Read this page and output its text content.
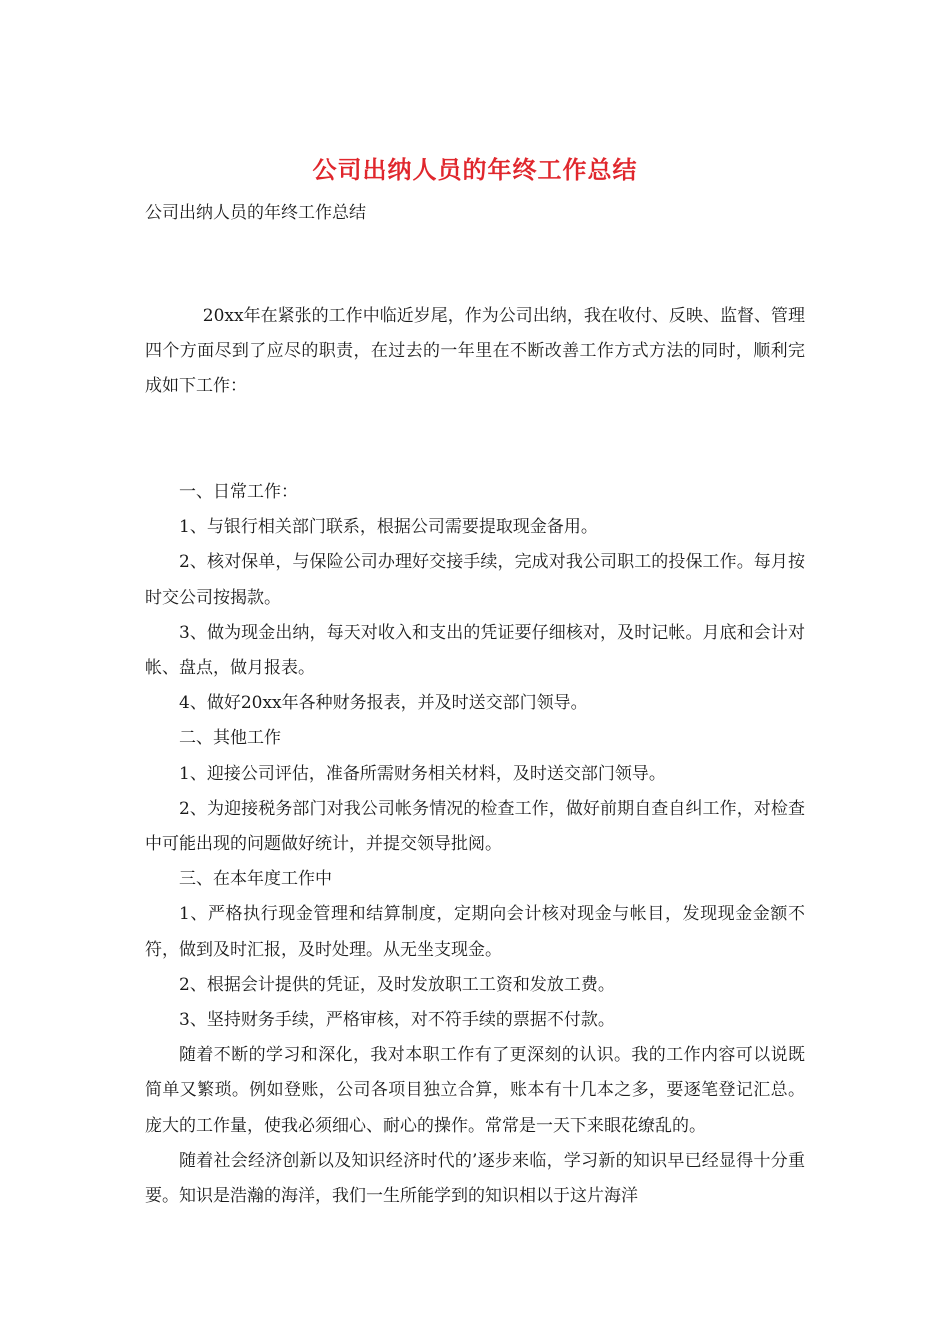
公司出纳人员的年终工作总结
公司出纳人员的年终工作总结

20xx年在紧张的工作中临近岁尾，作为公司出纳，我在收付、反映、监督、管理四个方面尽到了应尽的职责，在过去的一年里在不断改善工作方式方法的同时，顺利完成如下工作：

一、日常工作：

1、与银行相关部门联系，根据公司需要提取现金备用。

2、核对保单，与保险公司办理好交接手续，完成对我公司职工的投保工作。每月按时交公司按揭款。

3、做为现金出纳，每天对收入和支出的凭证要仔细核对，及时记帐。月底和会计对帐、盘点，做月报表。

4、做好20xx年各种财务报表，并及时送交部门领导。

二、其他工作

1、迎接公司评估，准备所需财务相关材料，及时送交部门领导。

2、为迎接税务部门对我公司帐务情况的检查工作，做好前期自查自纠工作，对检查中可能出现的问题做好统计，并提交领导批阅。

三、在本年度工作中

1、严格执行现金管理和结算制度，定期向会计核对现金与帐目，发现现金金额不符，做到及时汇报，及时处理。从无坐支现金。

2、根据会计提供的凭证，及时发放职工工资和发放工费。

3、坚持财务手续，严格审核，对不符手续的票据不付款。

随着不断的学习和深化，我对本职工作有了更深刻的认识。我的工作内容可以说既简单又繁琐。例如登账，公司各项目独立合算，账本有十几本之多，要逐笔登记汇总。庞大的工作量，使我必须细心、耐心的操作。常常是一天下来眼花缭乱的。

随着社会经济创新以及知识经济时代的’逐步来临，学习新的知识早已经显得十分重要。知识是浩瀚的海洋，我们一生所能学到的知识相以于这片海洋
